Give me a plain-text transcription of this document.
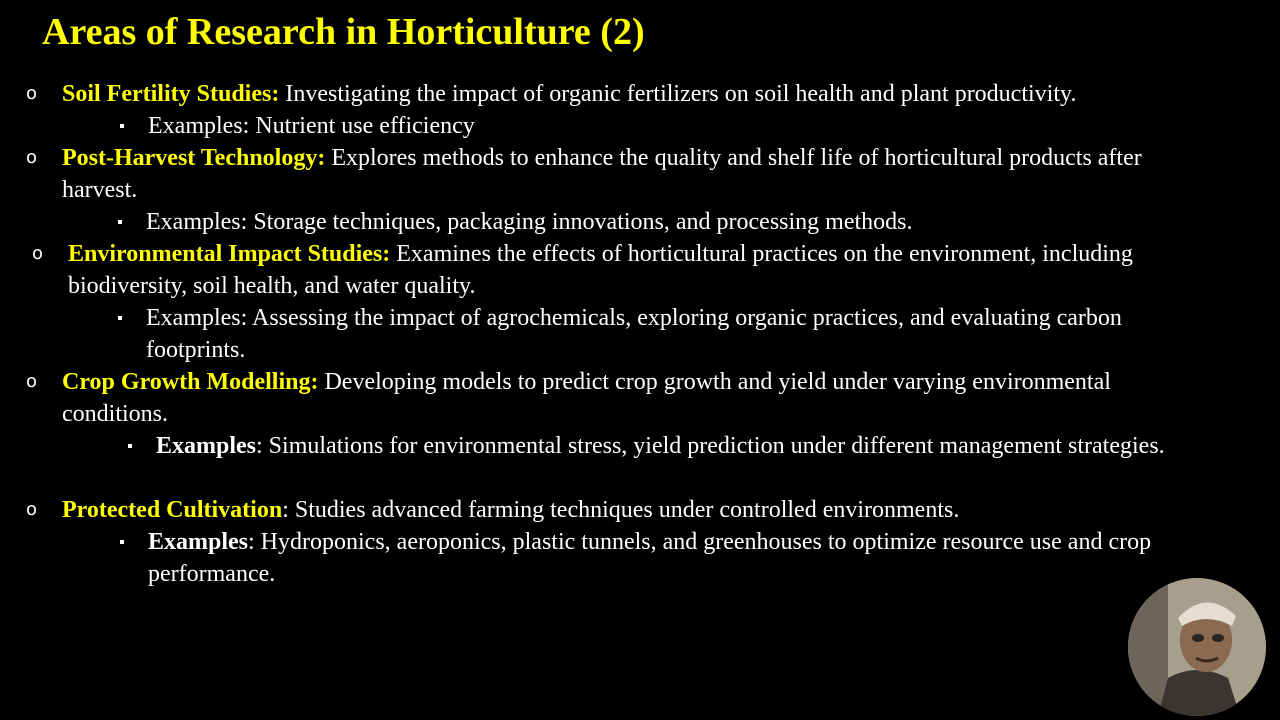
Areas of Research in Horticulture (2)
o Soil Fertility Studies: Investigating the impact of organic fertilizers on soil health and plant productivity.
Examples: Nutrient use efficiency
o Post-Harvest Technology: Explores methods to enhance the quality and shelf life of horticultural products after harvest.
Examples: Storage techniques, packaging innovations, and processing methods.
o Environmental Impact Studies: Examines the effects of horticultural practices on the environment, including biodiversity, soil health, and water quality.
Examples: Assessing the impact of agrochemicals, exploring organic practices, and evaluating carbon footprints.
o Crop Growth Modelling: Developing models to predict crop growth and yield under varying environmental conditions.
Examples: Simulations for environmental stress, yield prediction under different management strategies.
o Protected Cultivation: Studies advanced farming techniques under controlled environments.
Examples: Hydroponics, aeroponics, plastic tunnels, and greenhouses to optimize resource use and crop performance.
